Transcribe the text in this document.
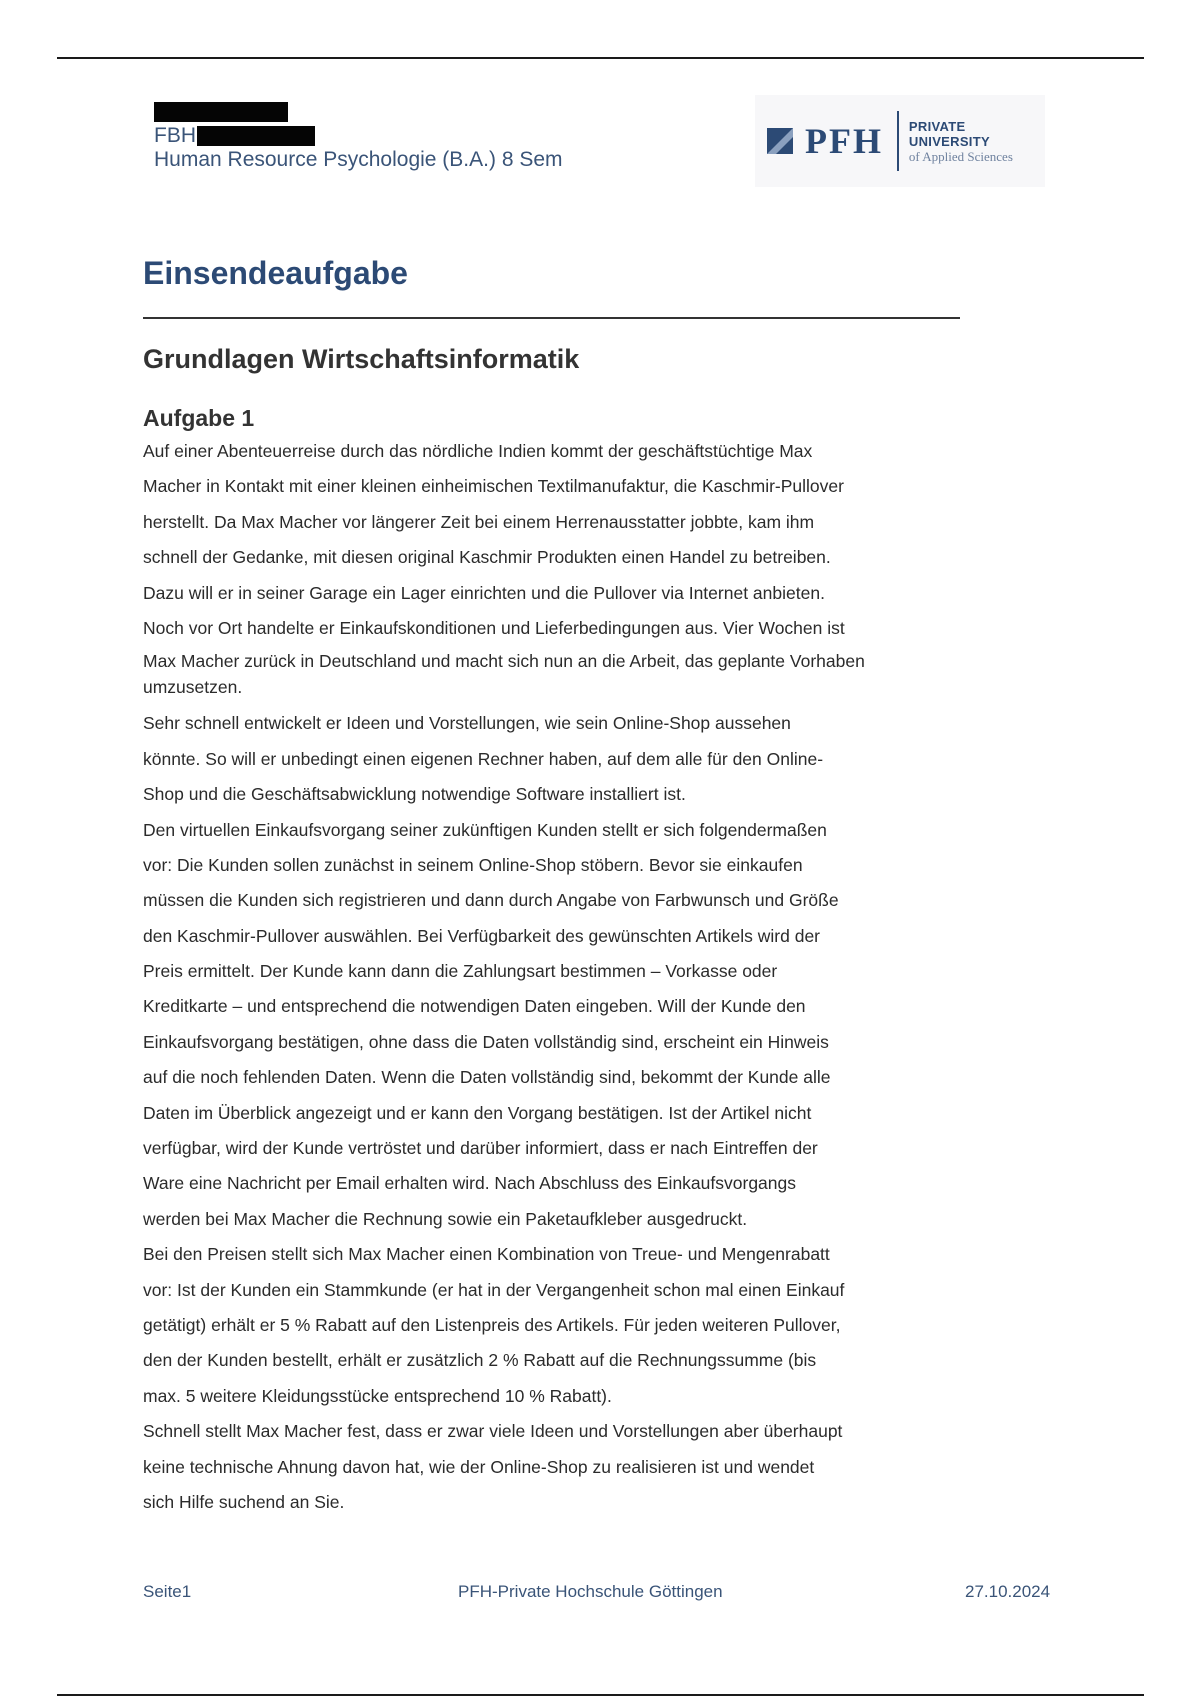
FBH
Human Resource Psychologie (B.A.) 8 Sem	PFH PRIVATE UNIVERSITY
of Applied Sciences
Einsendeaufgabe
Grundlagen Wirtschaftsinformatik
Aufgabe 1
Auf einer Abenteuerreise durch das nördliche Indien kommt der geschäftstüchtige Max
Macher in Kontakt mit einer kleinen einheimischen Textilmanufaktur, die Kaschmir-Pullover
herstellt. Da Max Macher vor längerer Zeit bei einem Herrenausstatter jobbte, kam ihm
schnell der Gedanke, mit diesen original Kaschmir Produkten einen Handel zu betreiben.
Dazu will er in seiner Garage ein Lager einrichten und die Pullover via Internet anbieten.
Noch vor Ort handelte er Einkaufskonditionen und Lieferbedingungen aus. Vier Wochen ist
Max Macher zurück in Deutschland und macht sich nun an die Arbeit, das geplante Vorhaben
umzusetzen.
Sehr schnell entwickelt er Ideen und Vorstellungen, wie sein Online-Shop aussehen
könnte. So will er unbedingt einen eigenen Rechner haben, auf dem alle für den Online-
Shop und die Geschäftsabwicklung notwendige Software installiert ist.
Den virtuellen Einkaufsvorgang seiner zukünftigen Kunden stellt er sich folgendermaßen
vor: Die Kunden sollen zunächst in seinem Online-Shop stöbern. Bevor sie einkaufen
müssen die Kunden sich registrieren und dann durch Angabe von Farbwunsch und Größe
den Kaschmir-Pullover auswählen. Bei Verfügbarkeit des gewünschten Artikels wird der
Preis ermittelt. Der Kunde kann dann die Zahlungsart bestimmen – Vorkasse oder
Kreditkarte – und entsprechend die notwendigen Daten eingeben. Will der Kunde den
Einkaufsvorgang bestätigen, ohne dass die Daten vollständig sind, erscheint ein Hinweis
auf die noch fehlenden Daten. Wenn die Daten vollständig sind, bekommt der Kunde alle
Daten im Überblick angezeigt und er kann den Vorgang bestätigen. Ist der Artikel nicht
verfügbar, wird der Kunde vertröstet und darüber informiert, dass er nach Eintreffen der
Ware eine Nachricht per Email erhalten wird. Nach Abschluss des Einkaufsvorgangs
werden bei Max Macher die Rechnung sowie ein Paketaufkleber ausgedruckt.
Bei den Preisen stellt sich Max Macher einen Kombination von Treue- und Mengenrabatt
vor: Ist der Kunden ein Stammkunde (er hat in der Vergangenheit schon mal einen Einkauf
getätigt) erhält er 5 % Rabatt auf den Listenpreis des Artikels. Für jeden weiteren Pullover,
den der Kunden bestellt, erhält er zusätzlich 2 % Rabatt auf die Rechnungssumme (bis
max. 5 weitere Kleidungsstücke entsprechend 10 % Rabatt).
Schnell stellt Max Macher fest, dass er zwar viele Ideen und Vorstellungen aber überhaupt
keine technische Ahnung davon hat, wie der Online-Shop zu realisieren ist und wendet
sich Hilfe suchend an Sie.
Seite1	PFH-Private Hochschule Göttingen	27.10.2024
